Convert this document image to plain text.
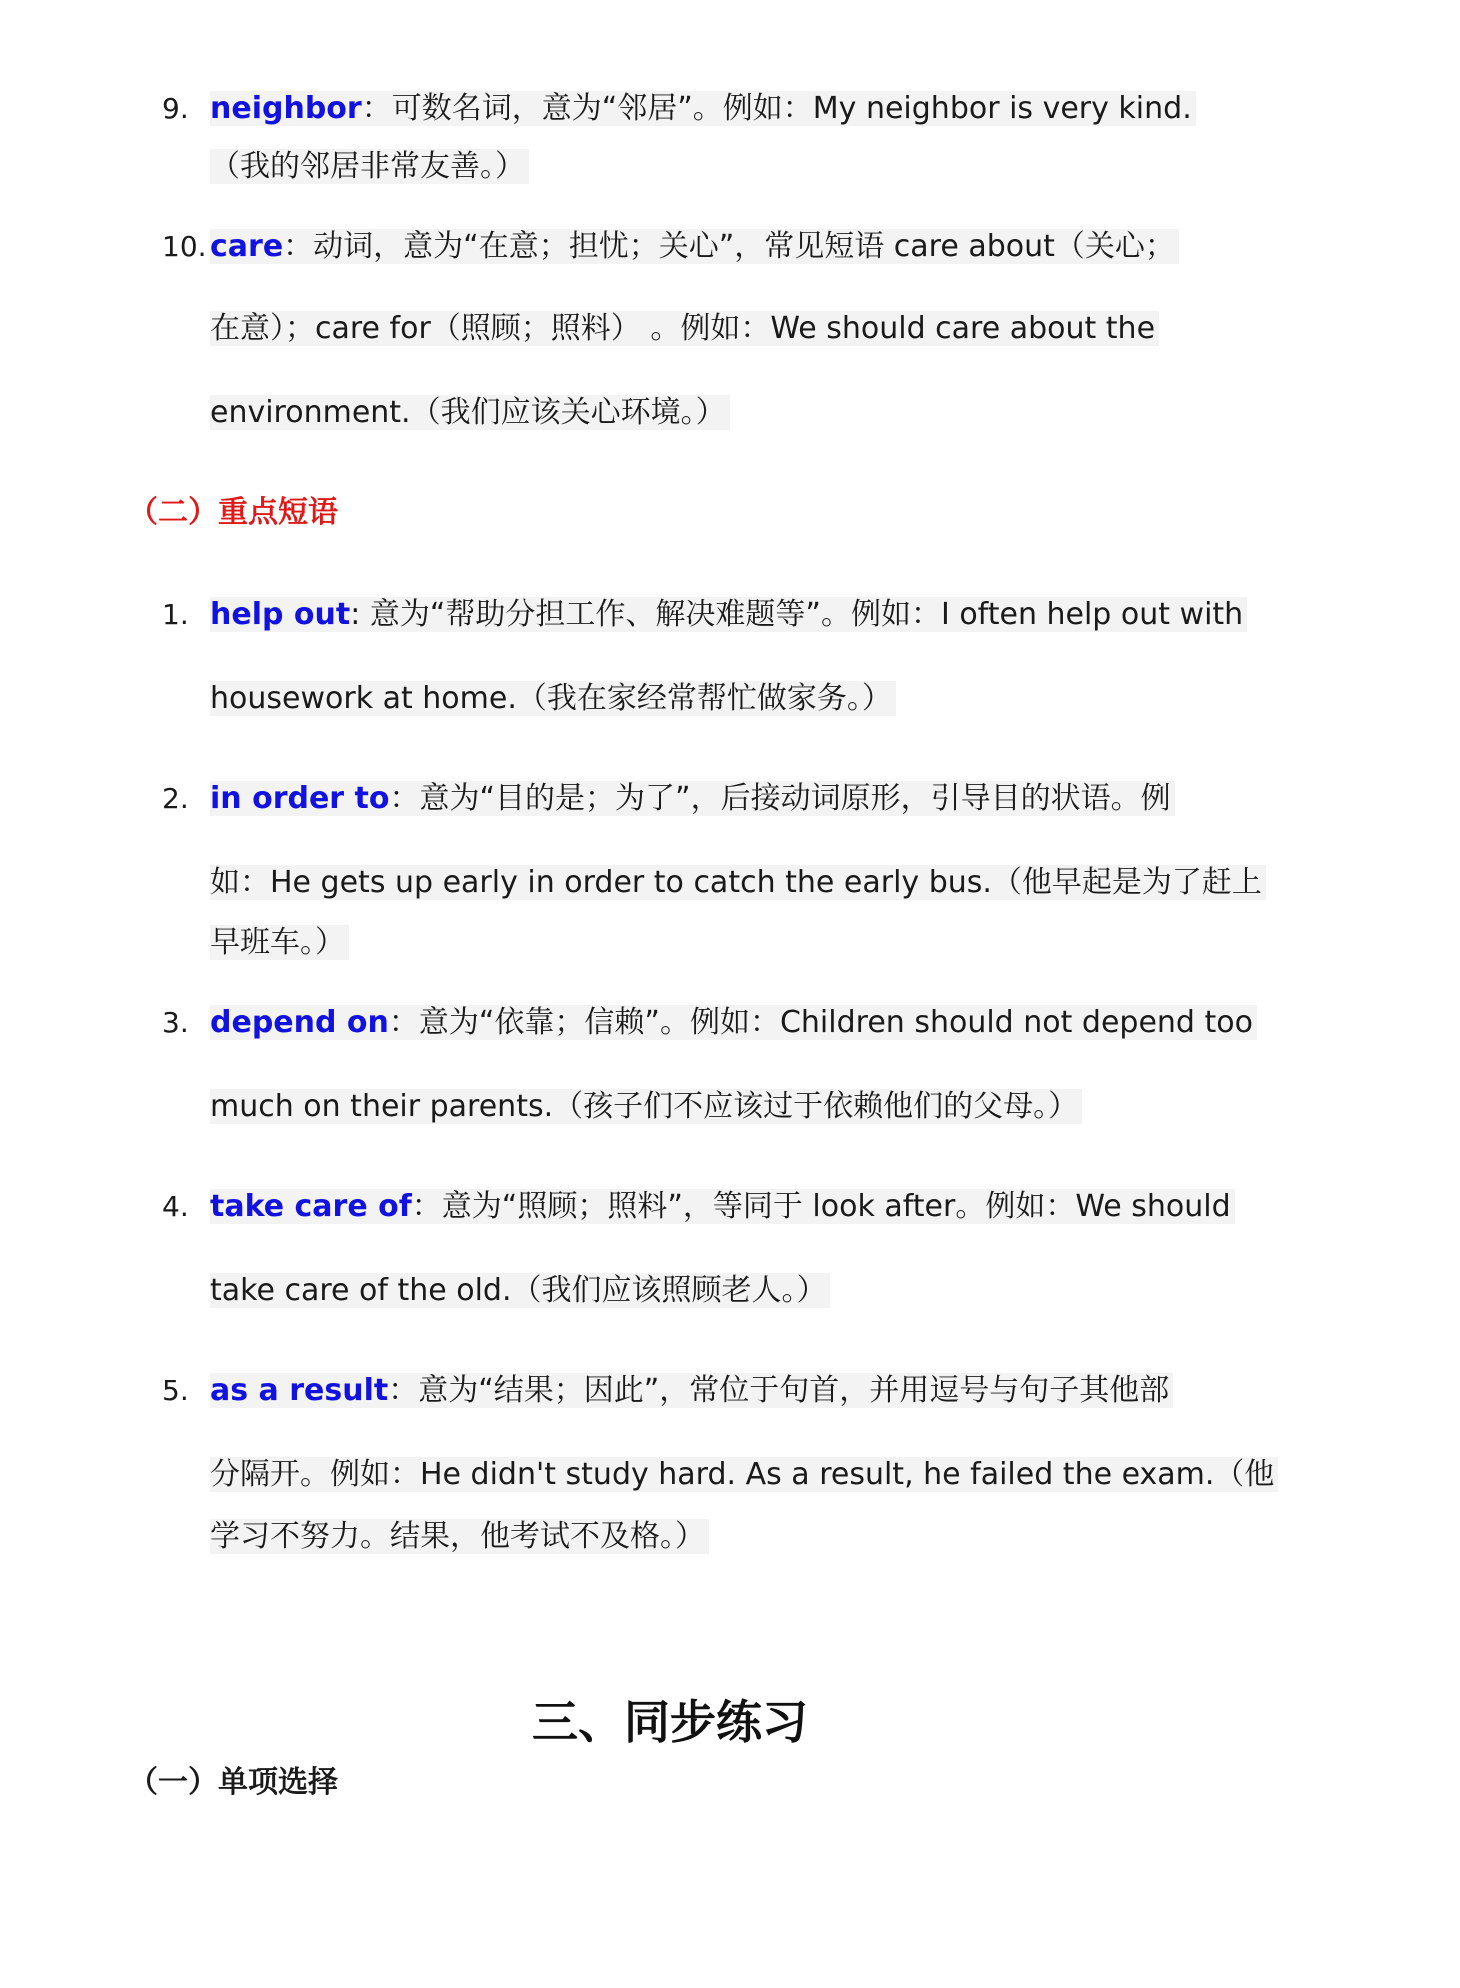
9. neighbor：可数名词，意为“邻居”。例如：My neighbor is very kind.
（我的邻居非常友善。）
10. care：动词，意为“在意；担忧；关心”，常见短语 care about（关心；
在意）；care for（照顾；照料） 。例如：We should care about the
environment.（我们应该关心环境。）
（二）重点短语
1. help out: 意为“帮助分担工作、解决难题等”。例如：I often help out with
housework at home.（我在家经常帮忙做家务。）
2. in order to：意为“目的是；为了”，后接动词原形，引导目的状语。例
如：He gets up early in order to catch the early bus.（他早起是为了赶上
早班车。）
3. depend on：意为“依靠；信赖”。例如：Children should not depend too
much on their parents.（孩子们不应该过于依赖他们的父母。）
4. take care of：意为“照顾；照料”，等同于 look after。例如：We should
take care of the old.（我们应该照顾老人。）
5. as a result：意为“结果；因此”，常位于句首，并用逗号与句子其他部
分隔开。例如：He didn't study hard. As a result, he failed the exam.（他
学习不努力。结果，他考试不及格。）
三、同步练习
（一）单项选择
